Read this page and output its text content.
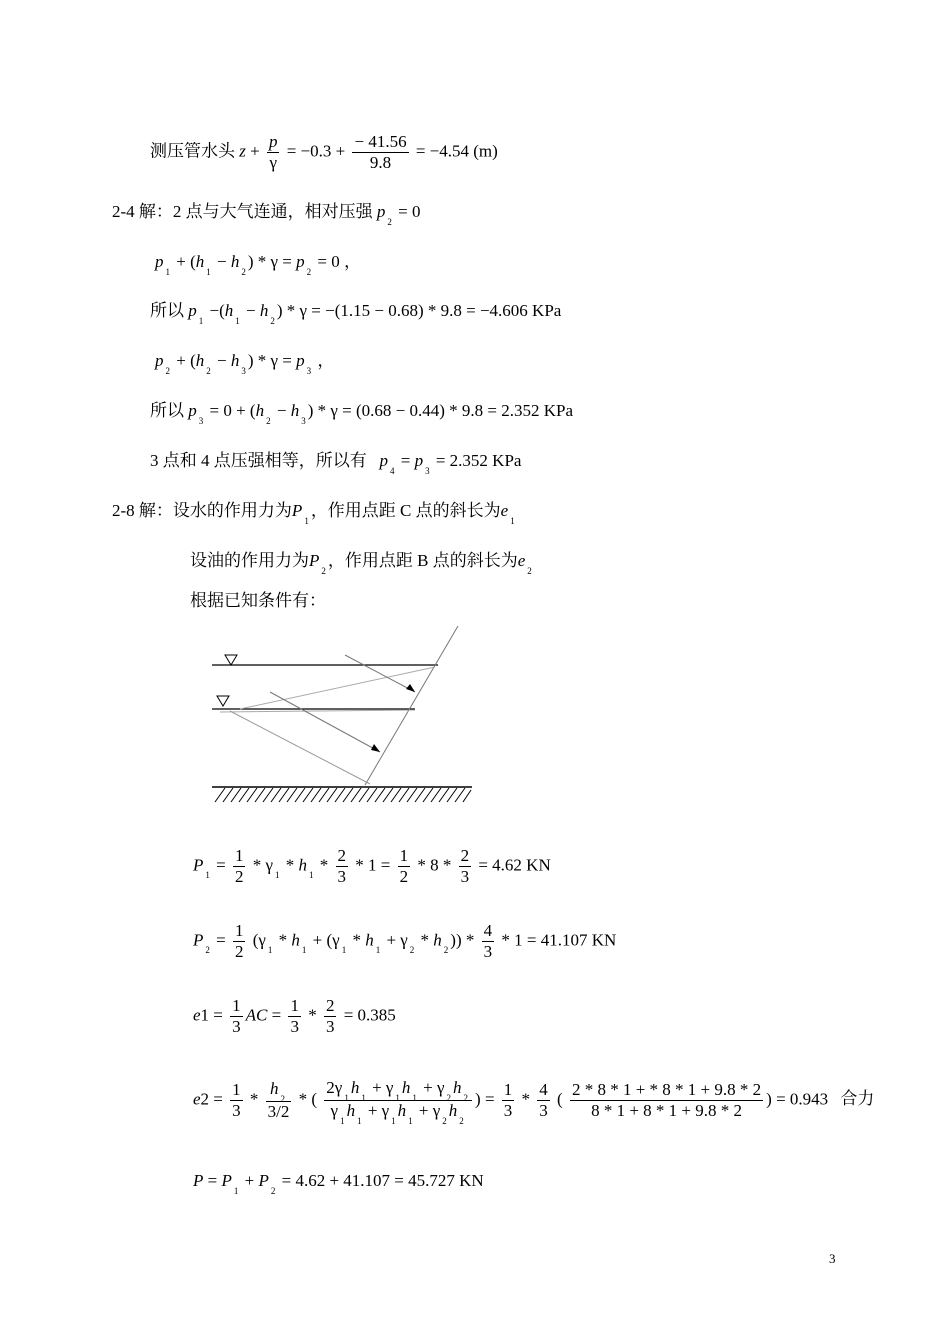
测压管水头 $z + \frac{p}{\gamma} = -0.3 + \frac{- 41.56}{9.8} = -4.54$ (m)
2-4 解：2 点与大气连通，相对压强 $p_2 = 0$
$p_1 + (h_1 - h_2) * \gamma = p_2 = 0$ ，
所以 $p_1 -(h_1 - h_2) * \gamma = -(1.15 - 0.68) * 9.8 = -4.606$ KPa
$p_2 + (h_2 - h_3) * \gamma = p_3$ ，
所以 $p_3 = 0 + (h_2 - h_3) * \gamma = (0.68 - 0.44) * 9.8 = 2.352$ KPa
3 点和 4 点压强相等，所以有 $p_4 = p_3 = 2.352$ KPa
2-8 解：设水的作用力为$P_1$，作用点距 C 点的斜长为$e_1$
设油的作用力为$P_2$，作用点距 B 点的斜长为$e_2$
根据已知条件有：
$P_1 = \frac{1}{2} * \gamma_1 * h_1 * \frac{2}{3} * 1 = \frac{1}{2} * 8 * \frac{2}{3} = 4.62$ KN
$P_2 = \frac{1}{2} (\gamma_1 * h_1 + (\gamma_1 * h_1 + \gamma_2 * h_2)) * \frac{4}{3} * 1 = 41.107$ KN
$e1 = \frac{1}{3}$ AC = $\frac{1}{3} * \frac{2}{3} = 0.385$
$e2 = \frac{1}{3} * \frac{h_2}{3/2}$ * ( $\frac{2\gamma_1h_1 + \gamma_1h_1 + \gamma_2h_2}{\gamma_1h_1 + \gamma_1h_1 + \gamma_2h_2}$ ) = $\frac{1}{3} * \frac{4}{3}$ ( $\frac{2 * 8 * 1 + * 8 * 1 + 9.8 * 2}{8 * 1 + 8 * 1 + 9.8 * 2}$ ) = 0.943 合力
$P = P_1 + P_2 = 4.62 + 41.107 = 45.727$ KN
3
